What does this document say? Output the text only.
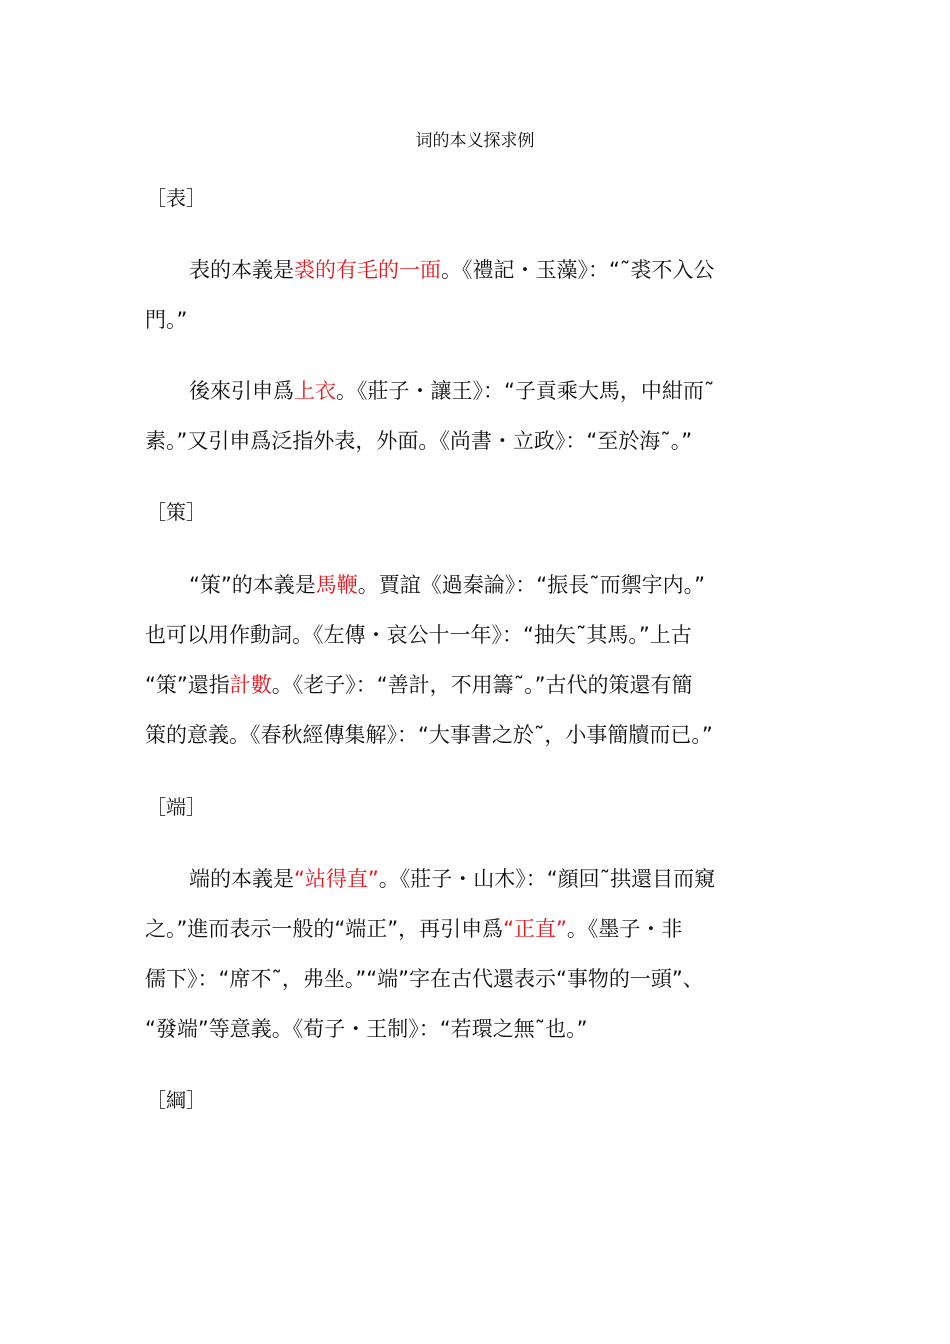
词的本义探求例
［表］
表的本義是裘的有毛的一面。《禮記・玉藻》：“˜裘不入公
門。”
後來引申爲上衣。《莊子・讓王》：“子貢乘大馬，中紺而˜
素。”又引申爲泛指外表，外面。《尚書・立政》：“至於海˜。”
［策］
“策”的本義是馬鞭。賈誼《過秦論》：“振長˜而禦宇内。”
也可以用作動詞。《左傳・哀公十一年》：“抽矢˜其馬。”上古
“策”還指計數。《老子》：“善計，不用籌˜。”古代的策還有簡
策的意義。《春秋經傳集解》：“大事書之於˜，小事簡牘而已。”
［端］
端的本義是“站得直”。《莊子・山木》：“顔回˜拱還目而窺
之。”進而表示一般的“端正”，再引申爲“正直”。《墨子・非
儒下》：“席不˜，弗坐。”“端”字在古代還表示“事物的一頭”、
“發端”等意義。《荀子・王制》：“若環之無˜也。”
［綱］
